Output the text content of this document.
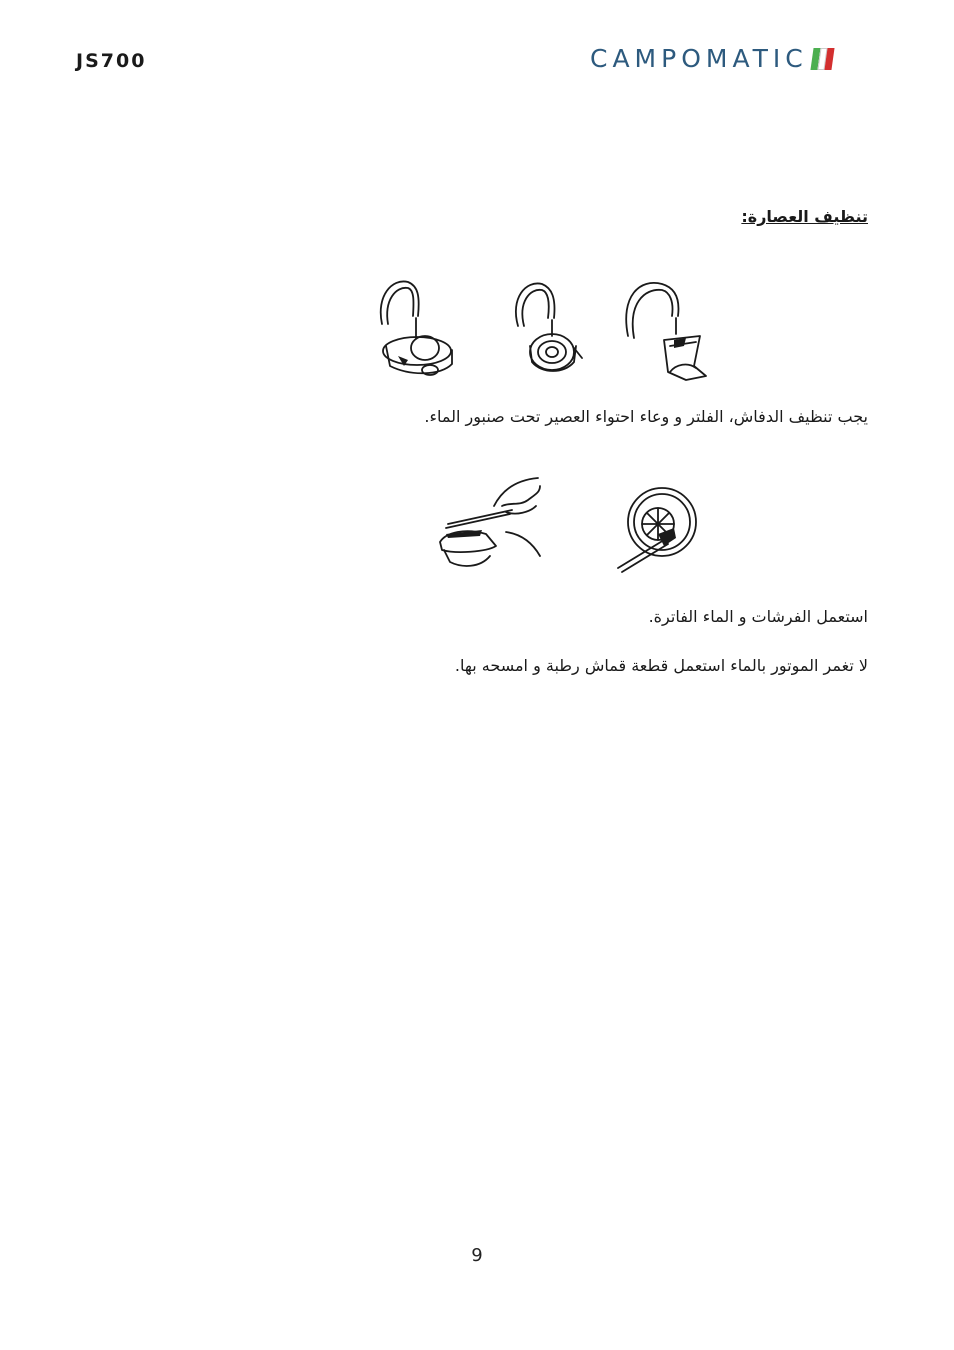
JS700	CAMPOMATIC
تنظيف العصارة:
يجب تنظيف الدفاش، الفلتر و وعاء احتواء العصير تحت صنبور الماء.
استعمل الفرشات و الماء الفاترة.
لا تغمر الموتور بالماء استعمل قطعة قماش رطبة و امسحه بها.
9
